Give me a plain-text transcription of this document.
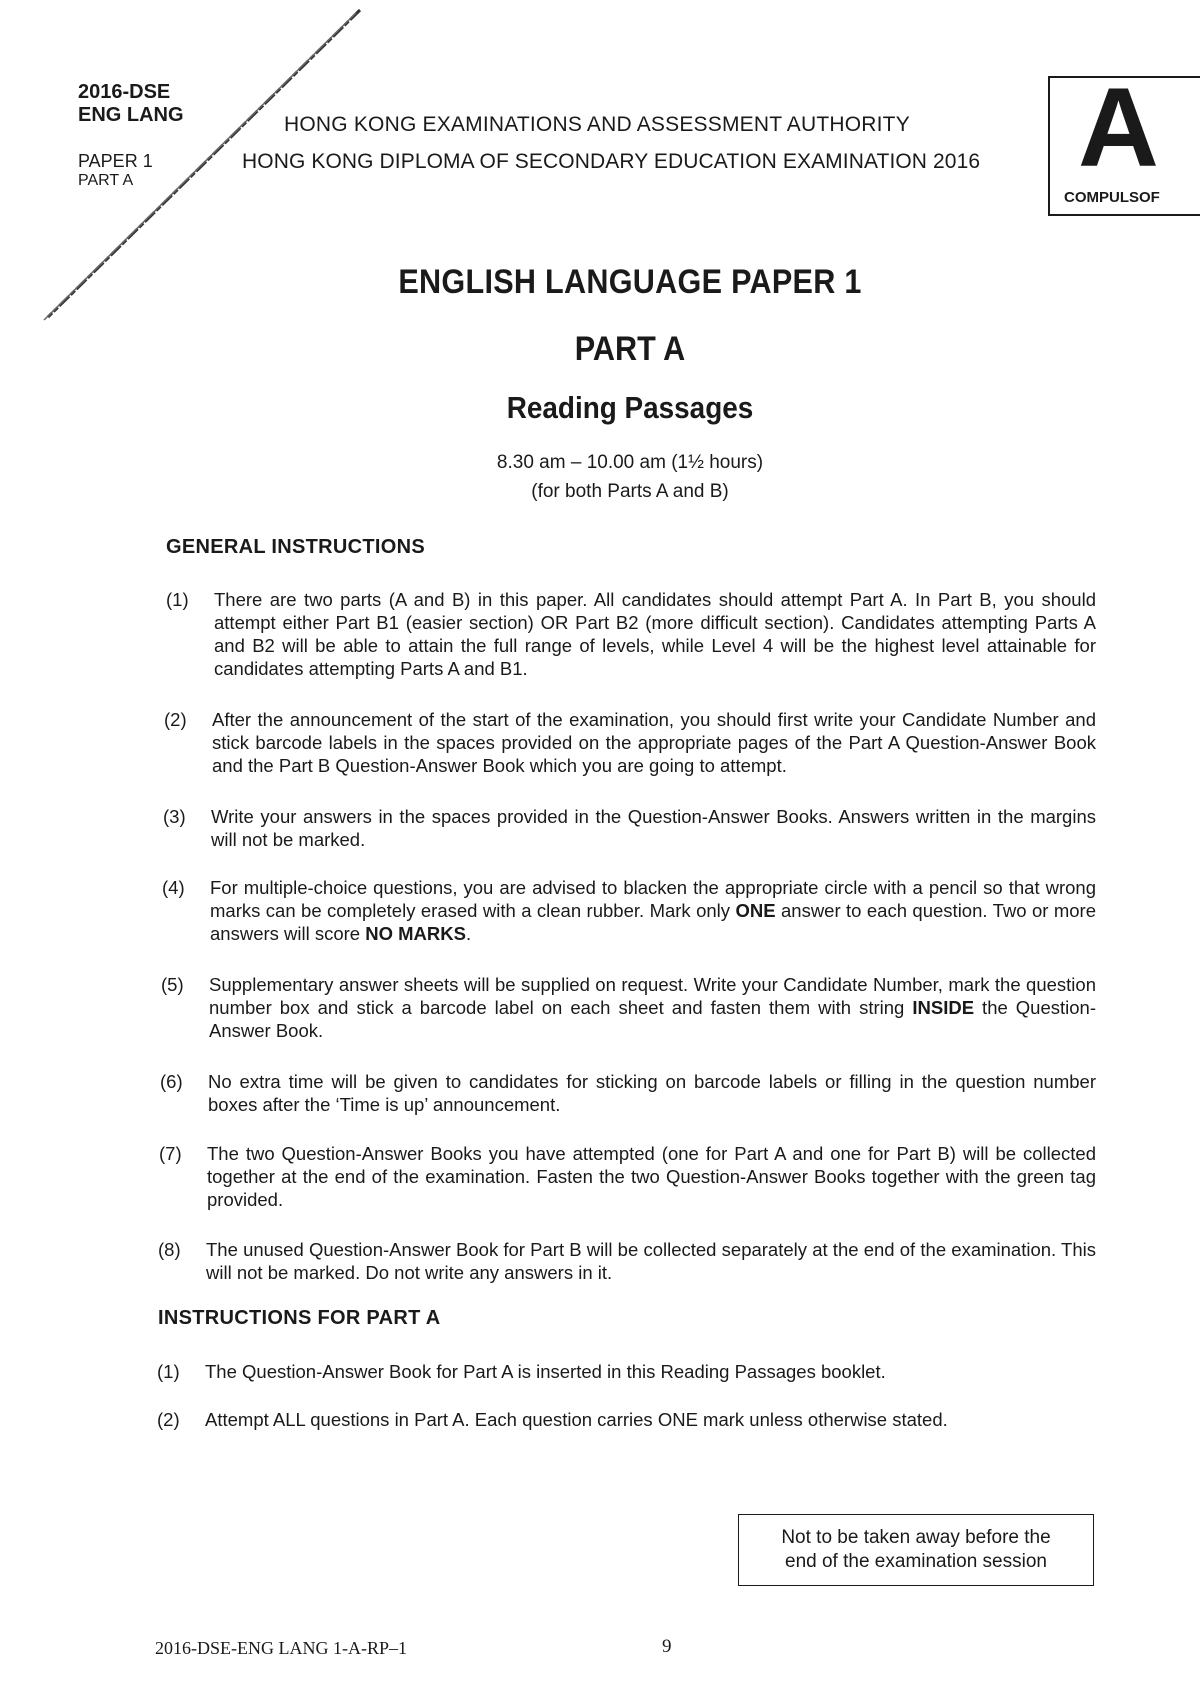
2016-DSE
ENG LANG
PAPER 1
PART A
HONG KONG EXAMINATIONS AND ASSESSMENT AUTHORITY
HONG KONG DIPLOMA OF SECONDARY EDUCATION EXAMINATION 2016 A
COMPULSOF
ENGLISH LANGUAGE PAPER 1
PART A
Reading Passages
8.30 am – 10.00 am (1½ hours)
(for both Parts A and B)
GENERAL INSTRUCTIONS
(1) There are two parts (A and B) in this paper. All candidates should attempt Part A. In Part B, you should attempt either Part B1 (easier section) OR Part B2 (more difficult section). Candidates attempting Parts A and B2 will be able to attain the full range of levels, while Level 4 will be the highest level attainable for candidates attempting Parts A and B1.
(2) After the announcement of the start of the examination, you should first write your Candidate Number and stick barcode labels in the spaces provided on the appropriate pages of the Part A Question-Answer Book and the Part B Question-Answer Book which you are going to attempt.
(3) Write your answers in the spaces provided in the Question-Answer Books. Answers written in the margins will not be marked.
(4) For multiple-choice questions, you are advised to blacken the appropriate circle with a pencil so that wrong marks can be completely erased with a clean rubber. Mark only ONE answer to each question. Two or more answers will score NO MARKS.
(5) Supplementary answer sheets will be supplied on request. Write your Candidate Number, mark the question number box and stick a barcode label on each sheet and fasten them with string INSIDE the Question-Answer Book.
(6) No extra time will be given to candidates for sticking on barcode labels or filling in the question number boxes after the ‘Time is up’ announcement.
(7) The two Question-Answer Books you have attempted (one for Part A and one for Part B) will be collected together at the end of the examination. Fasten the two Question-Answer Books together with the green tag provided.
(8) The unused Question-Answer Book for Part B will be collected separately at the end of the examination. This will not be marked. Do not write any answers in it.
INSTRUCTIONS FOR PART A
(1) The Question-Answer Book for Part A is inserted in this Reading Passages booklet.
(2) Attempt ALL questions in Part A. Each question carries ONE mark unless otherwise stated.
Not to be taken away before the
end of the examination session
2016-DSE-ENG LANG 1-A-RP–1	9
